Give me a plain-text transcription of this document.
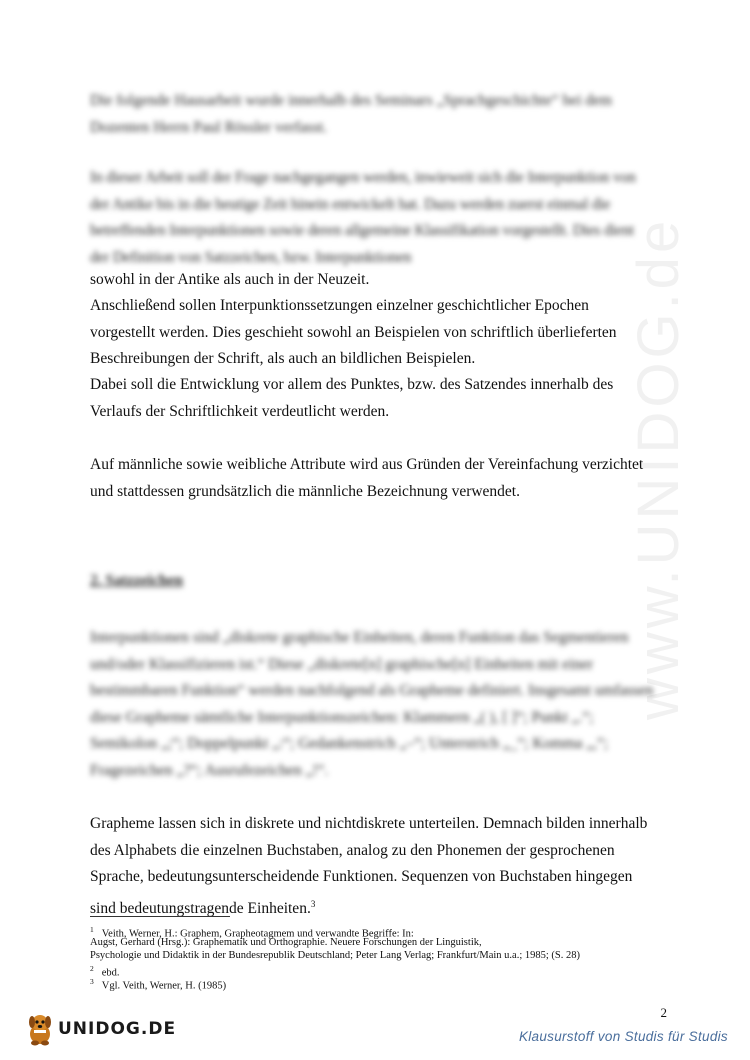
www.UNIDOG.de

Die folgende Hausarbeit wurde innerhalb des Seminars „Sprachgeschichte“ bei dem Dozenten Herrn Paul Rössler verfasst.

In dieser Arbeit soll der Frage nachgegangen werden, inwieweit sich die Interpunktion von der Antike bis in die heutige Zeit hinein entwickelt hat. Dazu werden zuerst einmal die betreffenden Interpunktionen sowie deren allgemeine Klassifikation vorgestellt. Dies dient der Definition von Satzzeichen, bzw. Interpunktionen

sowohl in der Antike als auch in der Neuzeit.

Anschließend sollen Interpunktionssetzungen einzelner geschichtlicher Epochen vorgestellt werden. Dies geschieht sowohl an Beispielen von schriftlich überlieferten Beschreibungen der Schrift, als auch an bildlichen Beispielen.

Dabei soll die Entwicklung vor allem des Punktes, bzw. des Satzendes innerhalb des Verlaufs der Schriftlichkeit verdeutlicht werden.

Auf männliche sowie weibliche Attribute wird aus Gründen der Vereinfachung verzichtet und stattdessen grundsätzlich die männliche Bezeichnung verwendet.

2. Satzzeichen

Interpunktionen sind „diskrete graphische Einheiten, deren Funktion das Segmentieren und/oder Klassifizieren ist.“ Diese „diskrete[n] graphische[n] Einheiten mit einer bestimmbaren Funktion“ werden nachfolgend als Grapheme definiert. Insgesamt umfassen diese Grapheme sämtliche Interpunktionszeichen: Klammern „( ), [ ]“; Punkt „.“; Semikolon „;“; Doppelpunkt „:“; Gedankenstrich „–“; Unterstrich „_“; Komma „,“; Fragezeichen „?“; Ausrufezeichen „!“.

Grapheme lassen sich in diskrete und nichtdiskrete unterteilen. Demnach bilden innerhalb des Alphabets die einzelnen Buchstaben, analog zu den Phonemen der gesprochenen Sprache, bedeutungsunterscheidende Funktionen. Sequenzen von Buchstaben hingegen sind bedeutungstragende Einheiten.$^3$

$^1$ Veith, Werner, H.: Graphem, Grapheotagmem und verwandte Begriffe: In:

Augst, Gerhard (Hrsg.): Graphematik und Orthographie. Neuere Forschungen der Linguistik,

Psychologie und Didaktik in der Bundesrepublik Deutschland; Peter Lang Verlag; Frankfurt/Main u.a.; 1985; (S. 28)

$^2$ ebd.

$^3$ Vgl. Veith, Werner, H. (1985)

2
UNIDOG.DE	Klausurstoff von Studis für Studis
